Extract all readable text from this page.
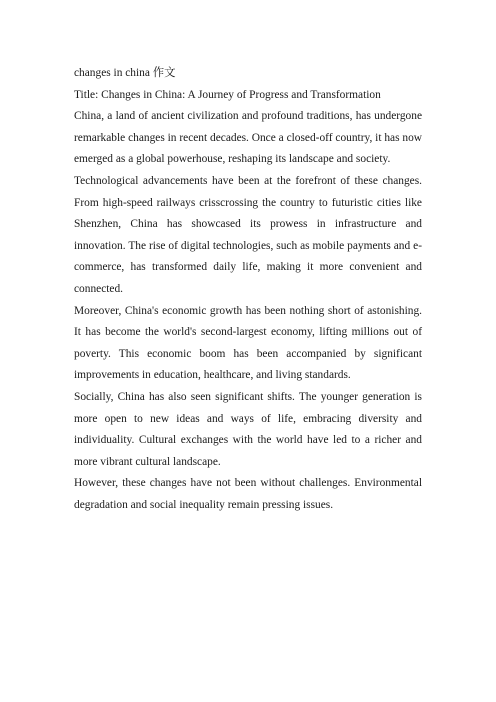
changes in china 作文

Title: Changes in China: A Journey of Progress and Transformation

China, a land of ancient civilization and profound traditions, has undergone remarkable changes in recent decades. Once a closed-off country, it has now emerged as a global powerhouse, reshaping its landscape and society.

Technological advancements have been at the forefront of these changes. From high-speed railways crisscrossing the country to futuristic cities like Shenzhen, China has showcased its prowess in infrastructure and innovation. The rise of digital technologies, such as mobile payments and e-commerce, has transformed daily life, making it more convenient and connected.

Moreover, China's economic growth has been nothing short of astonishing. It has become the world's second-largest economy, lifting millions out of poverty. This economic boom has been accompanied by significant improvements in education, healthcare, and living standards.

Socially, China has also seen significant shifts. The younger generation is more open to new ideas and ways of life, embracing diversity and individuality. Cultural exchanges with the world have led to a richer and more vibrant cultural landscape.

However, these changes have not been without challenges. Environmental degradation and social inequality remain pressing issues.
